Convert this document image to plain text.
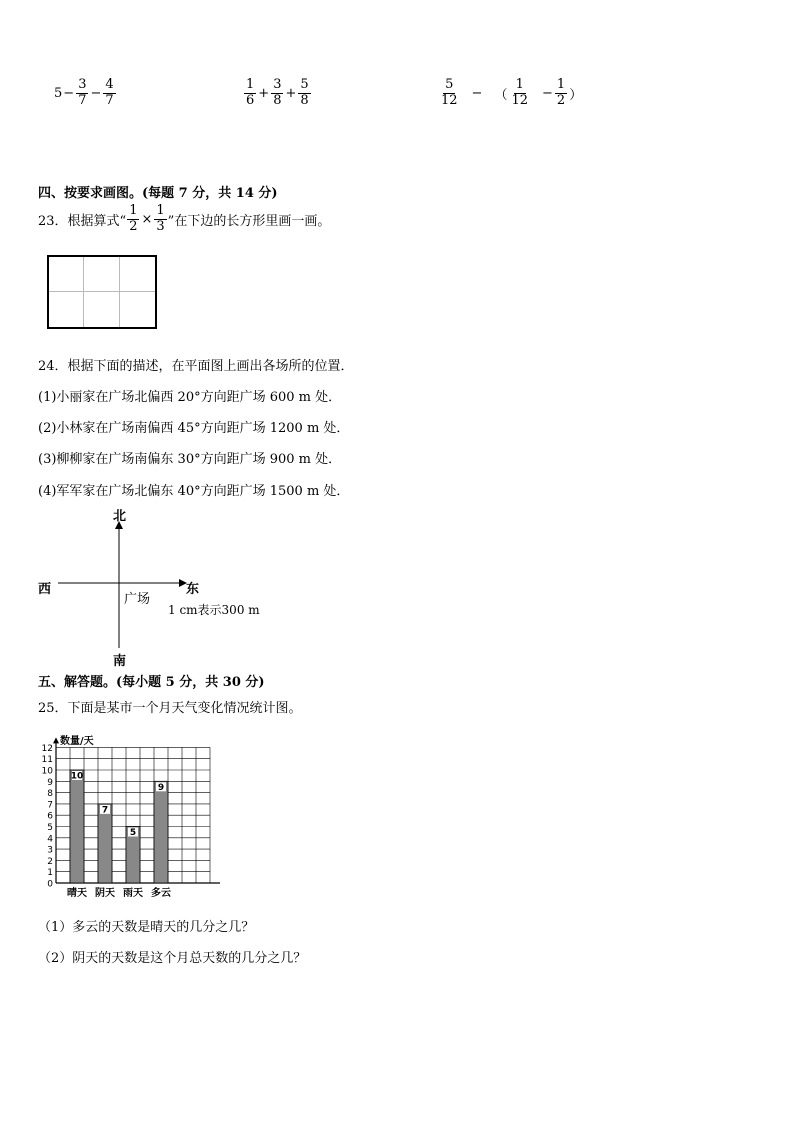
$5 - \frac{3}{7} - \frac{4}{7}$	$\frac{1}{6} + \frac{3}{8} + \frac{5}{8}$	$\frac{5}{12}$ − （ $\frac{1}{12} - \frac{1}{2}$ ）
四、按要求画图。(每题 7 分，共 14 分)
23．根据算式“ $\frac{1}{2} \times \frac{1}{3}$ ”在下边的长方形里画一画。
24．根据下面的描述，在平面图上画出各场所的位置．
(1)小丽家在广场北偏西 20°方向距广场 600 m 处．
(2)小林家在广场南偏西 45°方向距广场 1200 m 处．
(3)柳柳家在广场南偏东 30°方向距广场 900 m 处．
(4)军军家在广场北偏东 40°方向距广场 1500 m 处．
北
南
西	东
广场
1 cm表示300 m
五、解答题。(每小题 5 分，共 30 分)
25．下面是某市一个月天气变化情况统计图。
10
7
5
9
0
1
2
3
4
5
6
7
8
9
10
11
12
晴天 阴天 雨天 多云
数量/天
（1）多云的天数是晴天的几分之几？
（2）阴天的天数是这个月总天数的几分之几？
